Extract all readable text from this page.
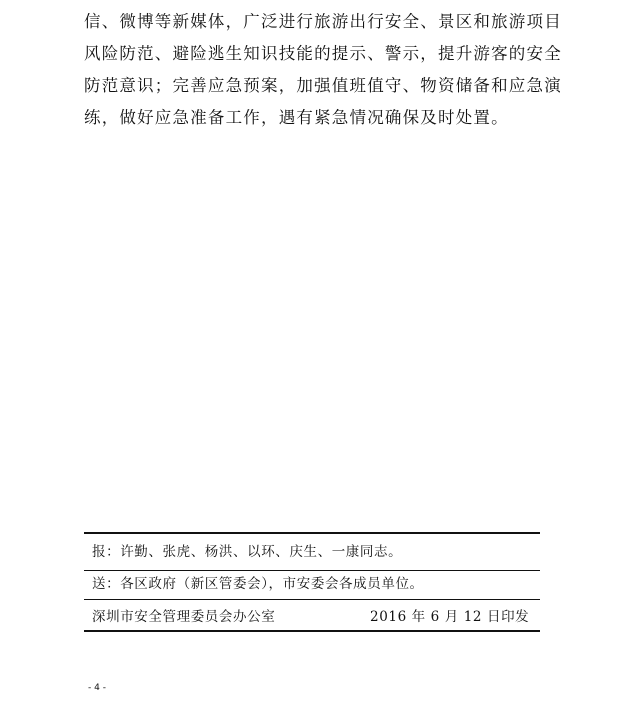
信、微博等新媒体，广泛进行旅游出行安全、景区和旅游项目
风险防范、避险逃生知识技能的提示、警示，提升游客的安全
防范意识；完善应急预案，加强值班值守、物资储备和应急演
练，做好应急准备工作，遇有紧急情况确保及时处置。
报：许勤、张虎、杨洪、以环、庆生、一康同志。
送：各区政府（新区管委会），市安委会各成员单位。
深圳市安全管理委员会办公室	2016 年 6 月 12 日印发
- 4 -
